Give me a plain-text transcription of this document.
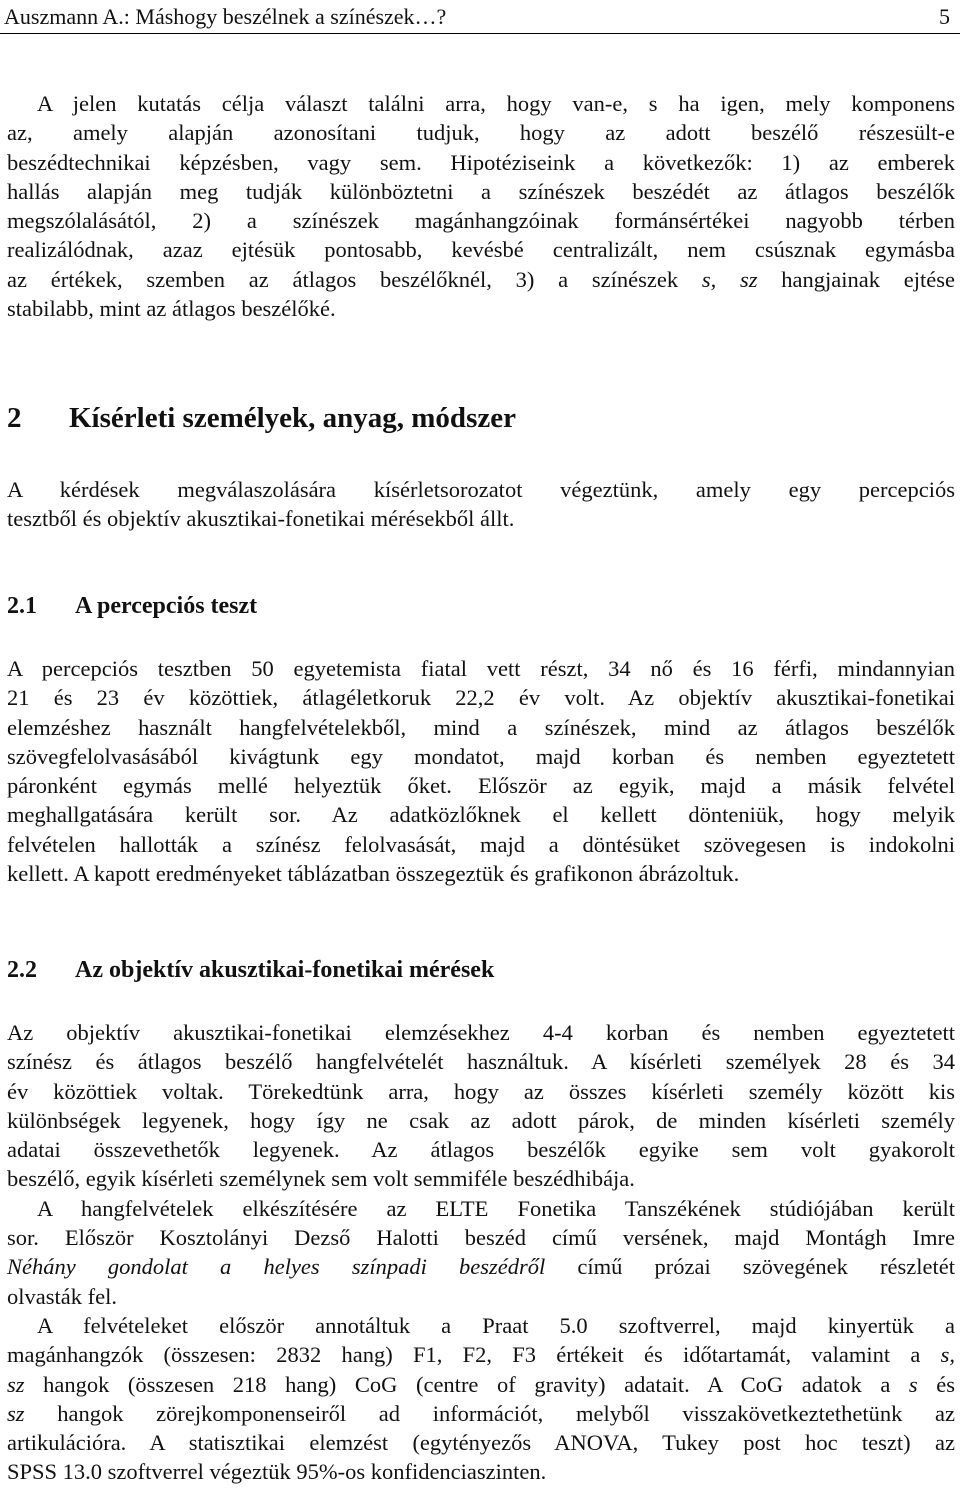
Auszmann A.: Máshogy beszélnek a színészek…?	5
A jelen kutatás célja választ találni arra, hogy van-e, s ha igen, mely komponens
az, amely alapján azonosítani tudjuk, hogy az adott beszélő részesült-e
beszédtechnikai képzésben, vagy sem. Hipotéziseink a következők: 1) az emberek
hallás alapján meg tudják különböztetni a színészek beszédét az átlagos beszélők
megszólalásától, 2) a színészek magánhangzóinak formánsértékei nagyobb térben
realizálódnak, azaz ejtésük pontosabb, kevésbé centralizált, nem csúsznak egymásba
az értékek, szemben az átlagos beszélőknél, 3) a színészek s, sz hangjainak ejtése
stabilabb, mint az átlagos beszélőké.
2 Kísérleti személyek, anyag, módszer
A kérdések megválaszolására kísérletsorozatot végeztünk, amely egy percepciós
tesztből és objektív akusztikai-fonetikai mérésekből állt.
2.1 A percepciós teszt
A percepciós tesztben 50 egyetemista fiatal vett részt, 34 nő és 16 férfi, mindannyian
21 és 23 év közöttiek, átlagéletkoruk 22,2 év volt. Az objektív akusztikai-fonetikai
elemzéshez használt hangfelvételekből, mind a színészek, mind az átlagos beszélők
szövegfelolvasásából kivágtunk egy mondatot, majd korban és nemben egyeztetett
páronként egymás mellé helyeztük őket. Először az egyik, majd a másik felvétel
meghallgatására került sor. Az adatközlőknek el kellett dönteniük, hogy melyik
felvételen hallották a színész felolvasását, majd a döntésüket szövegesen is indokolni
kellett. A kapott eredményeket táblázatban összegeztük és grafikonon ábrázoltuk.
2.2 Az objektív akusztikai-fonetikai mérések
Az objektív akusztikai-fonetikai elemzésekhez 4-4 korban és nemben egyeztetett
színész és átlagos beszélő hangfelvételét használtuk. A kísérleti személyek 28 és 34
év közöttiek voltak. Törekedtünk arra, hogy az összes kísérleti személy között kis
különbségek legyenek, hogy így ne csak az adott párok, de minden kísérleti személy
adatai összevethetők legyenek. Az átlagos beszélők egyike sem volt gyakorolt
beszélő, egyik kísérleti személynek sem volt semmiféle beszédhibája.
A hangfelvételek elkészítésére az ELTE Fonetika Tanszékének stúdiójában került
sor. Először Kosztolányi Dezső Halotti beszéd című versének, majd Montágh Imre
Néhány gondolat a helyes színpadi beszédről című prózai szövegének részletét
olvasták fel.
A felvételeket először annotáltuk a Praat 5.0 szoftverrel, majd kinyertük a
magánhangzók (összesen: 2832 hang) F1, F2, F3 értékeit és időtartamát, valamint a s,
sz hangok (összesen 218 hang) CoG (centre of gravity) adatait. A CoG adatok a s és
sz hangok zörejkomponenseiről ad információt, melyből visszakövetkeztethetünk az
artikulációra. A statisztikai elemzést (egytényezős ANOVA, Tukey post hoc teszt) az
SPSS 13.0 szoftverrel végeztük 95%-os konfidenciaszinten.
